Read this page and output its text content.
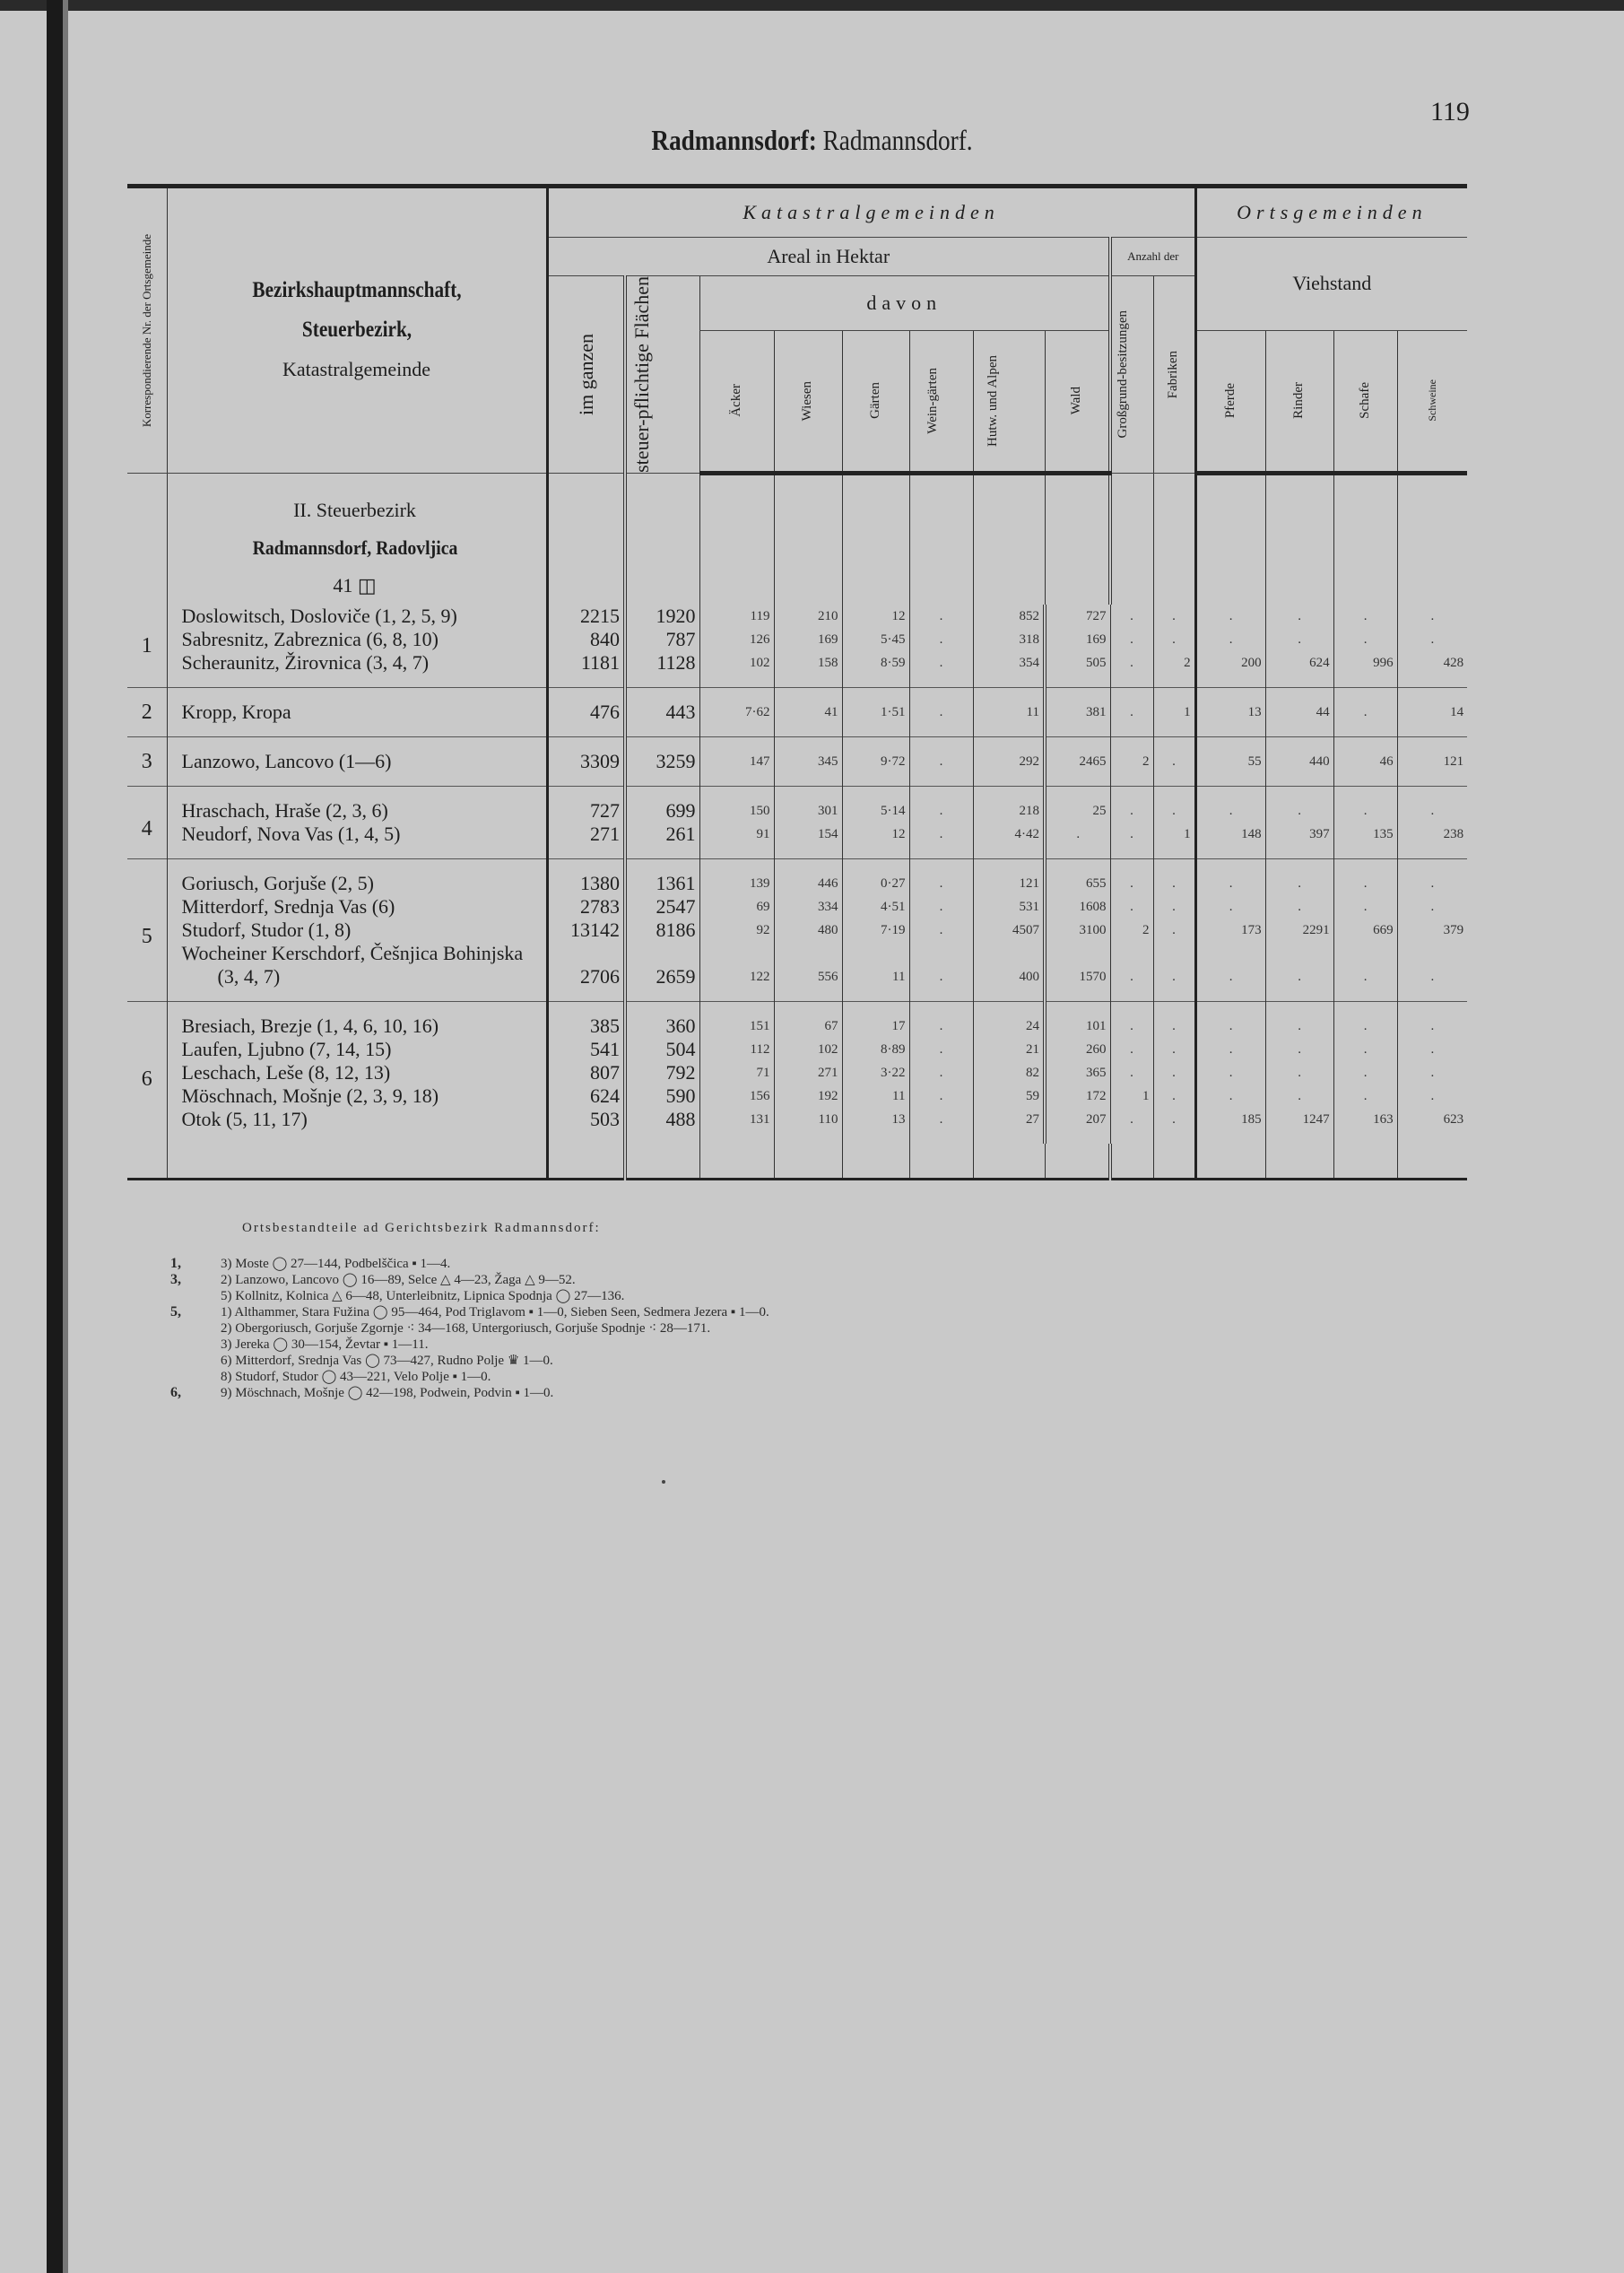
119
Radmannsdorf: Radmannsdorf.
Korrespondierende Nr. der Ortsgemeinde	Bezirkshauptmannschaft,
Steuerbezirk,
Katastralgemeinde	Katastralgemeinden										Ortsgemeinden			
		Areal in Hektar								Anzahl der		Viehstand			

		im ganzen	steuer-pflichtige Flächen	davon						Großgrund-besitzungen	Fabriken				

				Äcker	Wiesen	Gärten	Wein-gärten	Hutw. und Alpen	Wald			Pferde	Rinder	Schafe	Schweine

	II. Steuerbezirk
Radmannsdorf, Radovljica
41 ◫														

1	Doslowitsch, Dosloviče (1, 2, 5, 9)	2215	1920	119	210	12	.	852	727	.	.	.	.	.	.
	Sabresnitz, Zabreznica (6, 8, 10)	840	787	126	169	5·45	.	318	169	.	.	.	.	.	.
	Scheraunitz, Žirovnica (3, 4, 7)	1181	1128	102	158	8·59	.	354	505	.	2	200	624	996	428
2	Kropp, Kropa	476	443	7·62	41	1·51	.	11	381	.	1	13	44	.	14
3	Lanzowo, Lancovo (1—6)	3309	3259	147	345	9·72	.	292	2465	2	.	55	440	46	121
4	Hraschach, Hraše (2, 3, 6)	727	699	150	301	5·14	.	218	25	.	.	.	.	.	.
	Neudorf, Nova Vas (1, 4, 5)	271	261	91	154	12	.	4·42	.	.	1	148	397	135	238
5	Goriusch, Gorjuše (2, 5)	1380	1361	139	446	0·27	.	121	655	.	.	.	.	.	.
	Mitterdorf, Srednja Vas (6)	2783	2547	69	334	4·51	.	531	1608	.	.	.	.	.	.
	Studorf, Studor (1, 8)	13142	8186	92	480	7·19	.	4507	3100	2	.	173	2291	669	379
	Wocheiner Kerschdorf, Češnjica Bohinjska (3, 4, 7)	2706	2659	122	556	11	.	400	1570	.	.	.	.	.	.
6	Bresiach, Brezje (1, 4, 6, 10, 16)	385	360	151	67	17	.	24	101	.	.	.	.	.	.
	Laufen, Ljubno (7, 14, 15)	541	504	112	102	8·89	.	21	260	.	.	.	.	.	.
	Leschach, Leše (8, 12, 13)	807	792	71	271	3·22	.	82	365	.	.	.	.	.	.
	Möschnach, Mošnje (2, 3, 9, 18)	624	590	156	192	11	.	59	172	1	.	.	.	.	.
	Otok (5, 11, 17)	503	488	131	110	13	.	27	207	.	.	185	1247	163	623

Ortsbestandteile ad Gerichtsbezirk Radmannsdorf:
1,	3) Moste ◯ 27—144, Podbelščica ▪ 1—4.
3,	2) Lanzowo, Lancovo ◯ 16—89, Selce △ 4—23, Žaga △ 9—52.
5) Kollnitz, Kolnica △ 6—48, Unterleibnitz, Lipnica Spodnja ◯ 27—136.
5,	1) Althammer, Stara Fužina ◯ 95—464, Pod Triglavom ▪ 1—0, Sieben Seen, Sedmera Jezera ▪ 1—0.
2) Obergoriusch, Gorjuše Zgornje ⁖ 34—168, Untergoriusch, Gorjuše Spodnje ⁖ 28—171.
3) Jereka ◯ 30—154, Ževtar ▪ 1—11.
6) Mitterdorf, Srednja Vas ◯ 73—427, Rudno Polje ♛ 1—0.
8) Studorf, Studor ◯ 43—221, Velo Polje ▪ 1—0.
6,	9) Möschnach, Mošnje ◯ 42—198, Podwein, Podvin ▪ 1—0.
